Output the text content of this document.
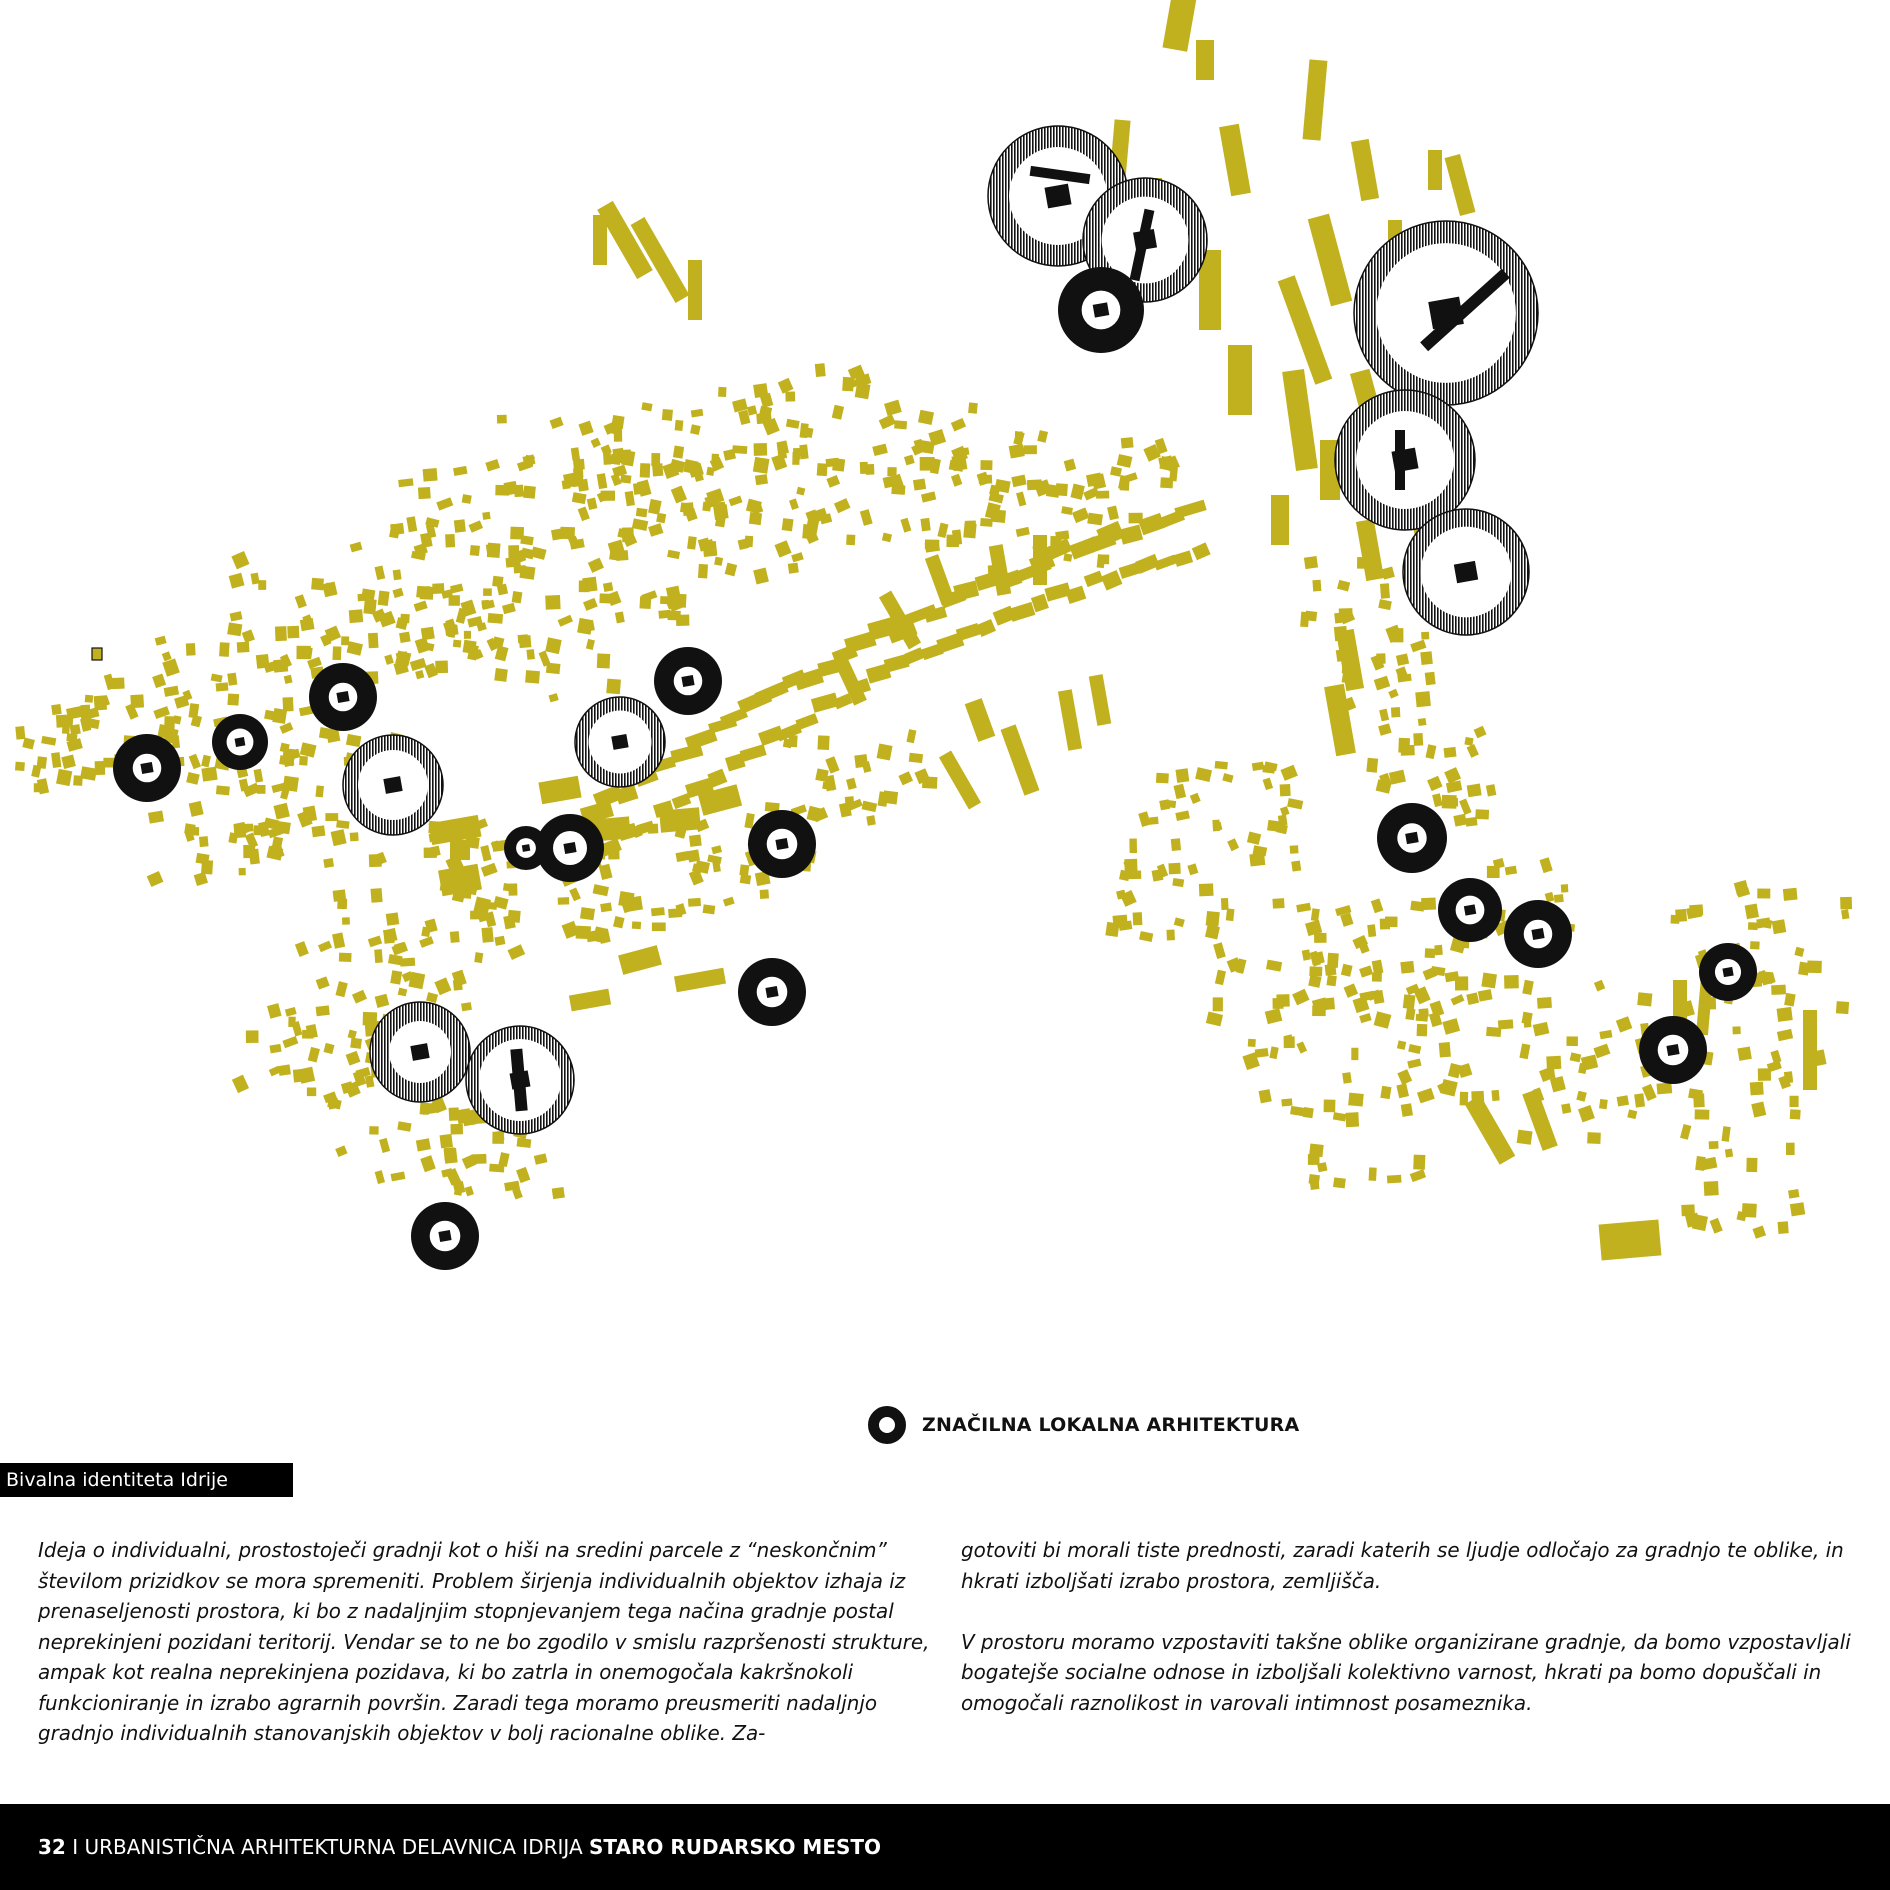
ZNAČILNA LOKALNA ARHITEKTURA
Bivalna identiteta Idrije

Ideja o individualni, prostostoječi gradnji kot o hiši na sredini parcele z “neskončnim” številom prizidkov se mora spremeniti. Problem širjenja individualnih objektov izhaja iz prenaseljenosti prostora, ki bo z nadaljnjim stopnjevanjem tega načina gradnje postal neprekinjeni pozidani teritorij. Vendar se to ne bo zgodilo v smislu razpršenosti strukture, ampak kot realna neprekinjena pozidava, ki bo zatrla in onemogočala kakršnokoli funkcioniranje in izrabo agrarnih površin. Zaradi tega moramo preusmeriti nadaljnjo gradnjo individualnih stanovanjskih objektov v bolj racionalne oblike. Za-

gotoviti bi morali tiste prednosti, zaradi katerih se ljudje odločajo za gradnjo te oblike, in hkrati izboljšati izrabo prostora, zemljišča.

V prostoru moramo vzpostaviti takšne oblike organizirane gradnje, da bomo vzpostavljali bogatejše socialne odnose in izboljšali kolektivno varnost, hkrati pa bomo dopuščali in omogočali raznolikost in varovali intimnost posameznika.

32 I URBANISTIČNA ARHITEKTURNA DELAVNICA IDRIJA STARO RUDARSKO MESTO
